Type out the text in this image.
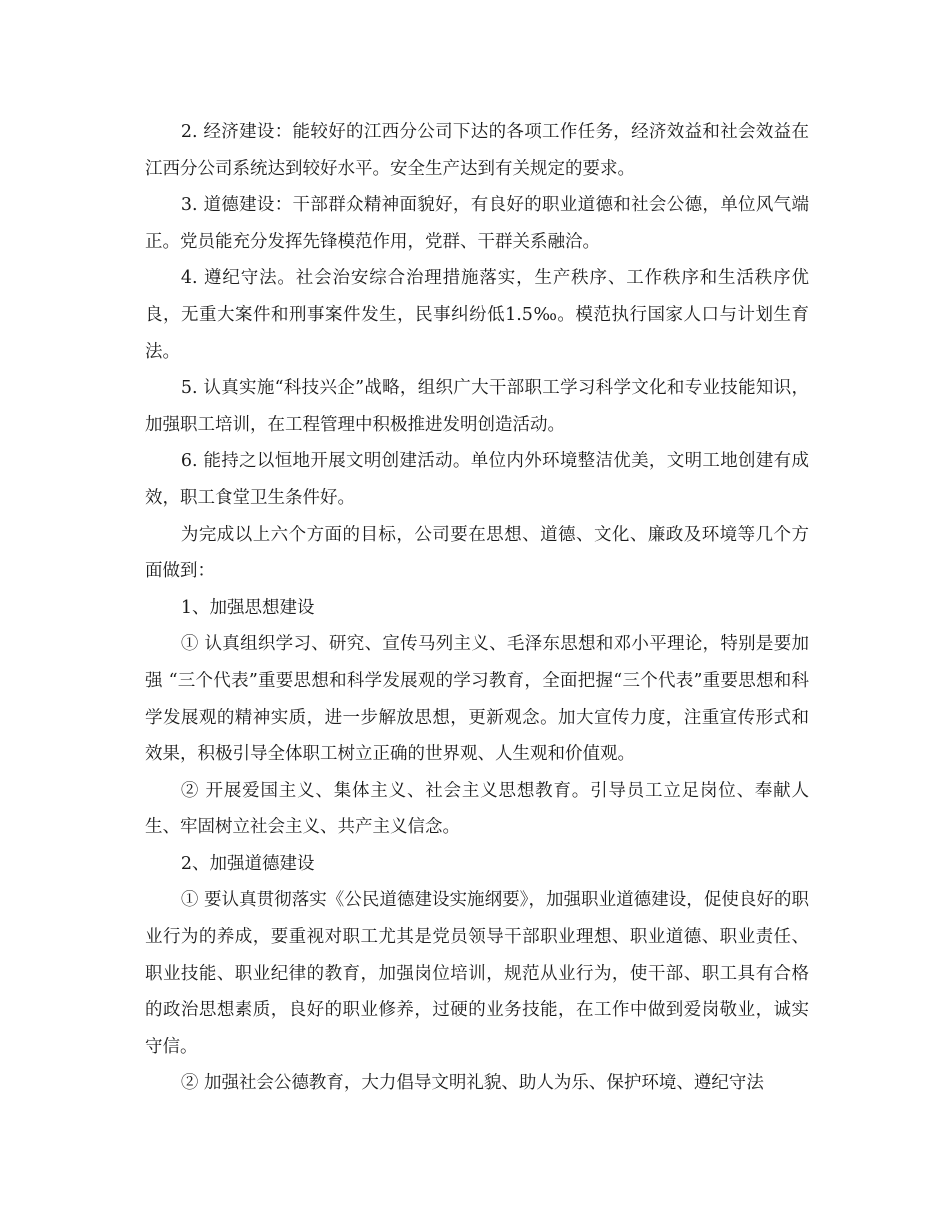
2. 经济建设：能较好的江西分公司下达的各项工作任务，经济效益和社会效益在江西分公司系统达到较好水平。安全生产达到有关规定的要求。

3. 道德建设：干部群众精神面貌好，有良好的职业道德和社会公德，单位风气端正。党员能充分发挥先锋模范作用，党群、干群关系融洽。

4. 遵纪守法。社会治安综合治理措施落实，生产秩序、工作秩序和生活秩序优良，无重大案件和刑事案件发生，民事纠纷低1.5‰。模范执行国家人口与计划生育法。

5. 认真实施“科技兴企”战略，组织广大干部职工学习科学文化和专业技能知识，加强职工培训，在工程管理中积极推进发明创造活动。

6. 能持之以恒地开展文明创建活动。单位内外环境整洁优美，文明工地创建有成效，职工食堂卫生条件好。

为完成以上六个方面的目标，公司要在思想、道德、文化、廉政及环境等几个方面做到：

1、加强思想建设

① 认真组织学习、研究、宣传马列主义、毛泽东思想和邓小平理论，特别是要加强 “三个代表”重要思想和科学发展观的学习教育，全面把握“三个代表”重要思想和科学发展观的精神实质，进一步解放思想，更新观念。加大宣传力度，注重宣传形式和效果，积极引导全体职工树立正确的世界观、人生观和价值观。

② 开展爱国主义、集体主义、社会主义思想教育。引导员工立足岗位、奉献人生、牢固树立社会主义、共产主义信念。

2、加强道德建设

① 要认真贯彻落实《公民道德建设实施纲要》，加强职业道德建设，促使良好的职业行为的养成，要重视对职工尤其是党员领导干部职业理想、职业道德、职业责任、职业技能、职业纪律的教育，加强岗位培训，规范从业行为，使干部、职工具有合格的政治思想素质，良好的职业修养，过硬的业务技能，在工作中做到爱岗敬业，诚实守信。

② 加强社会公德教育，大力倡导文明礼貌、助人为乐、保护环境、遵纪守法
